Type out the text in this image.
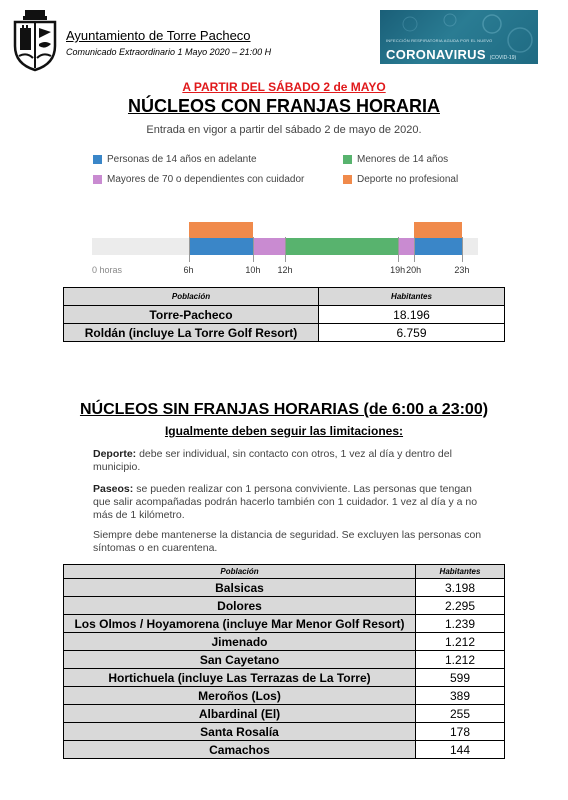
Ayuntamiento de Torre Pacheco
Comunicado Extraordinario 1 Mayo 2020 – 21:00 H
INFECCIÓN RESPIRATORIA AGUDA POR EL NUEVO
CORONAVIRUS (COVID-19)
A PARTIR DEL SÁBADO 2 de MAYO
NÚCLEOS CON FRANJAS HORARIA
Entrada en vigor a partir del sábado 2 de mayo de 2020.
Personas de 14 años en adelante	Menores de 14 años
Mayores de 70 o dependientes con cuidador	Deporte no profesional
0 horas	6h	10h 12h	19h 20h	23h
Población	Habitantes
Torre-Pacheco	18.196
Roldán (incluye La Torre Golf Resort)	6.759
NÚCLEOS SIN FRANJAS HORARIAS (de 6:00 a 23:00)
Igualmente deben seguir las limitaciones:
Deporte: debe ser individual, sin contacto con otros, 1 vez al día y dentro del municipio.
Paseos: se pueden realizar con 1 persona conviviente. Las personas que tengan que salir acompañadas podrán hacerlo también con 1 cuidador. 1 vez al día y a no más de 1 kilómetro.
Siempre debe mantenerse la distancia de seguridad. Se excluyen las personas con síntomas o en cuarentena.
Población	Habitantes
Balsicas	3.198
Dolores	2.295
Los Olmos / Hoyamorena (incluye Mar Menor Golf Resort)	1.239
Jimenado	1.212
San Cayetano	1.212
Hortichuela (incluye Las Terrazas de La Torre)	599
Meroños (Los)	389
Albardinal (El)	255
Santa Rosalía	178
Camachos	144
